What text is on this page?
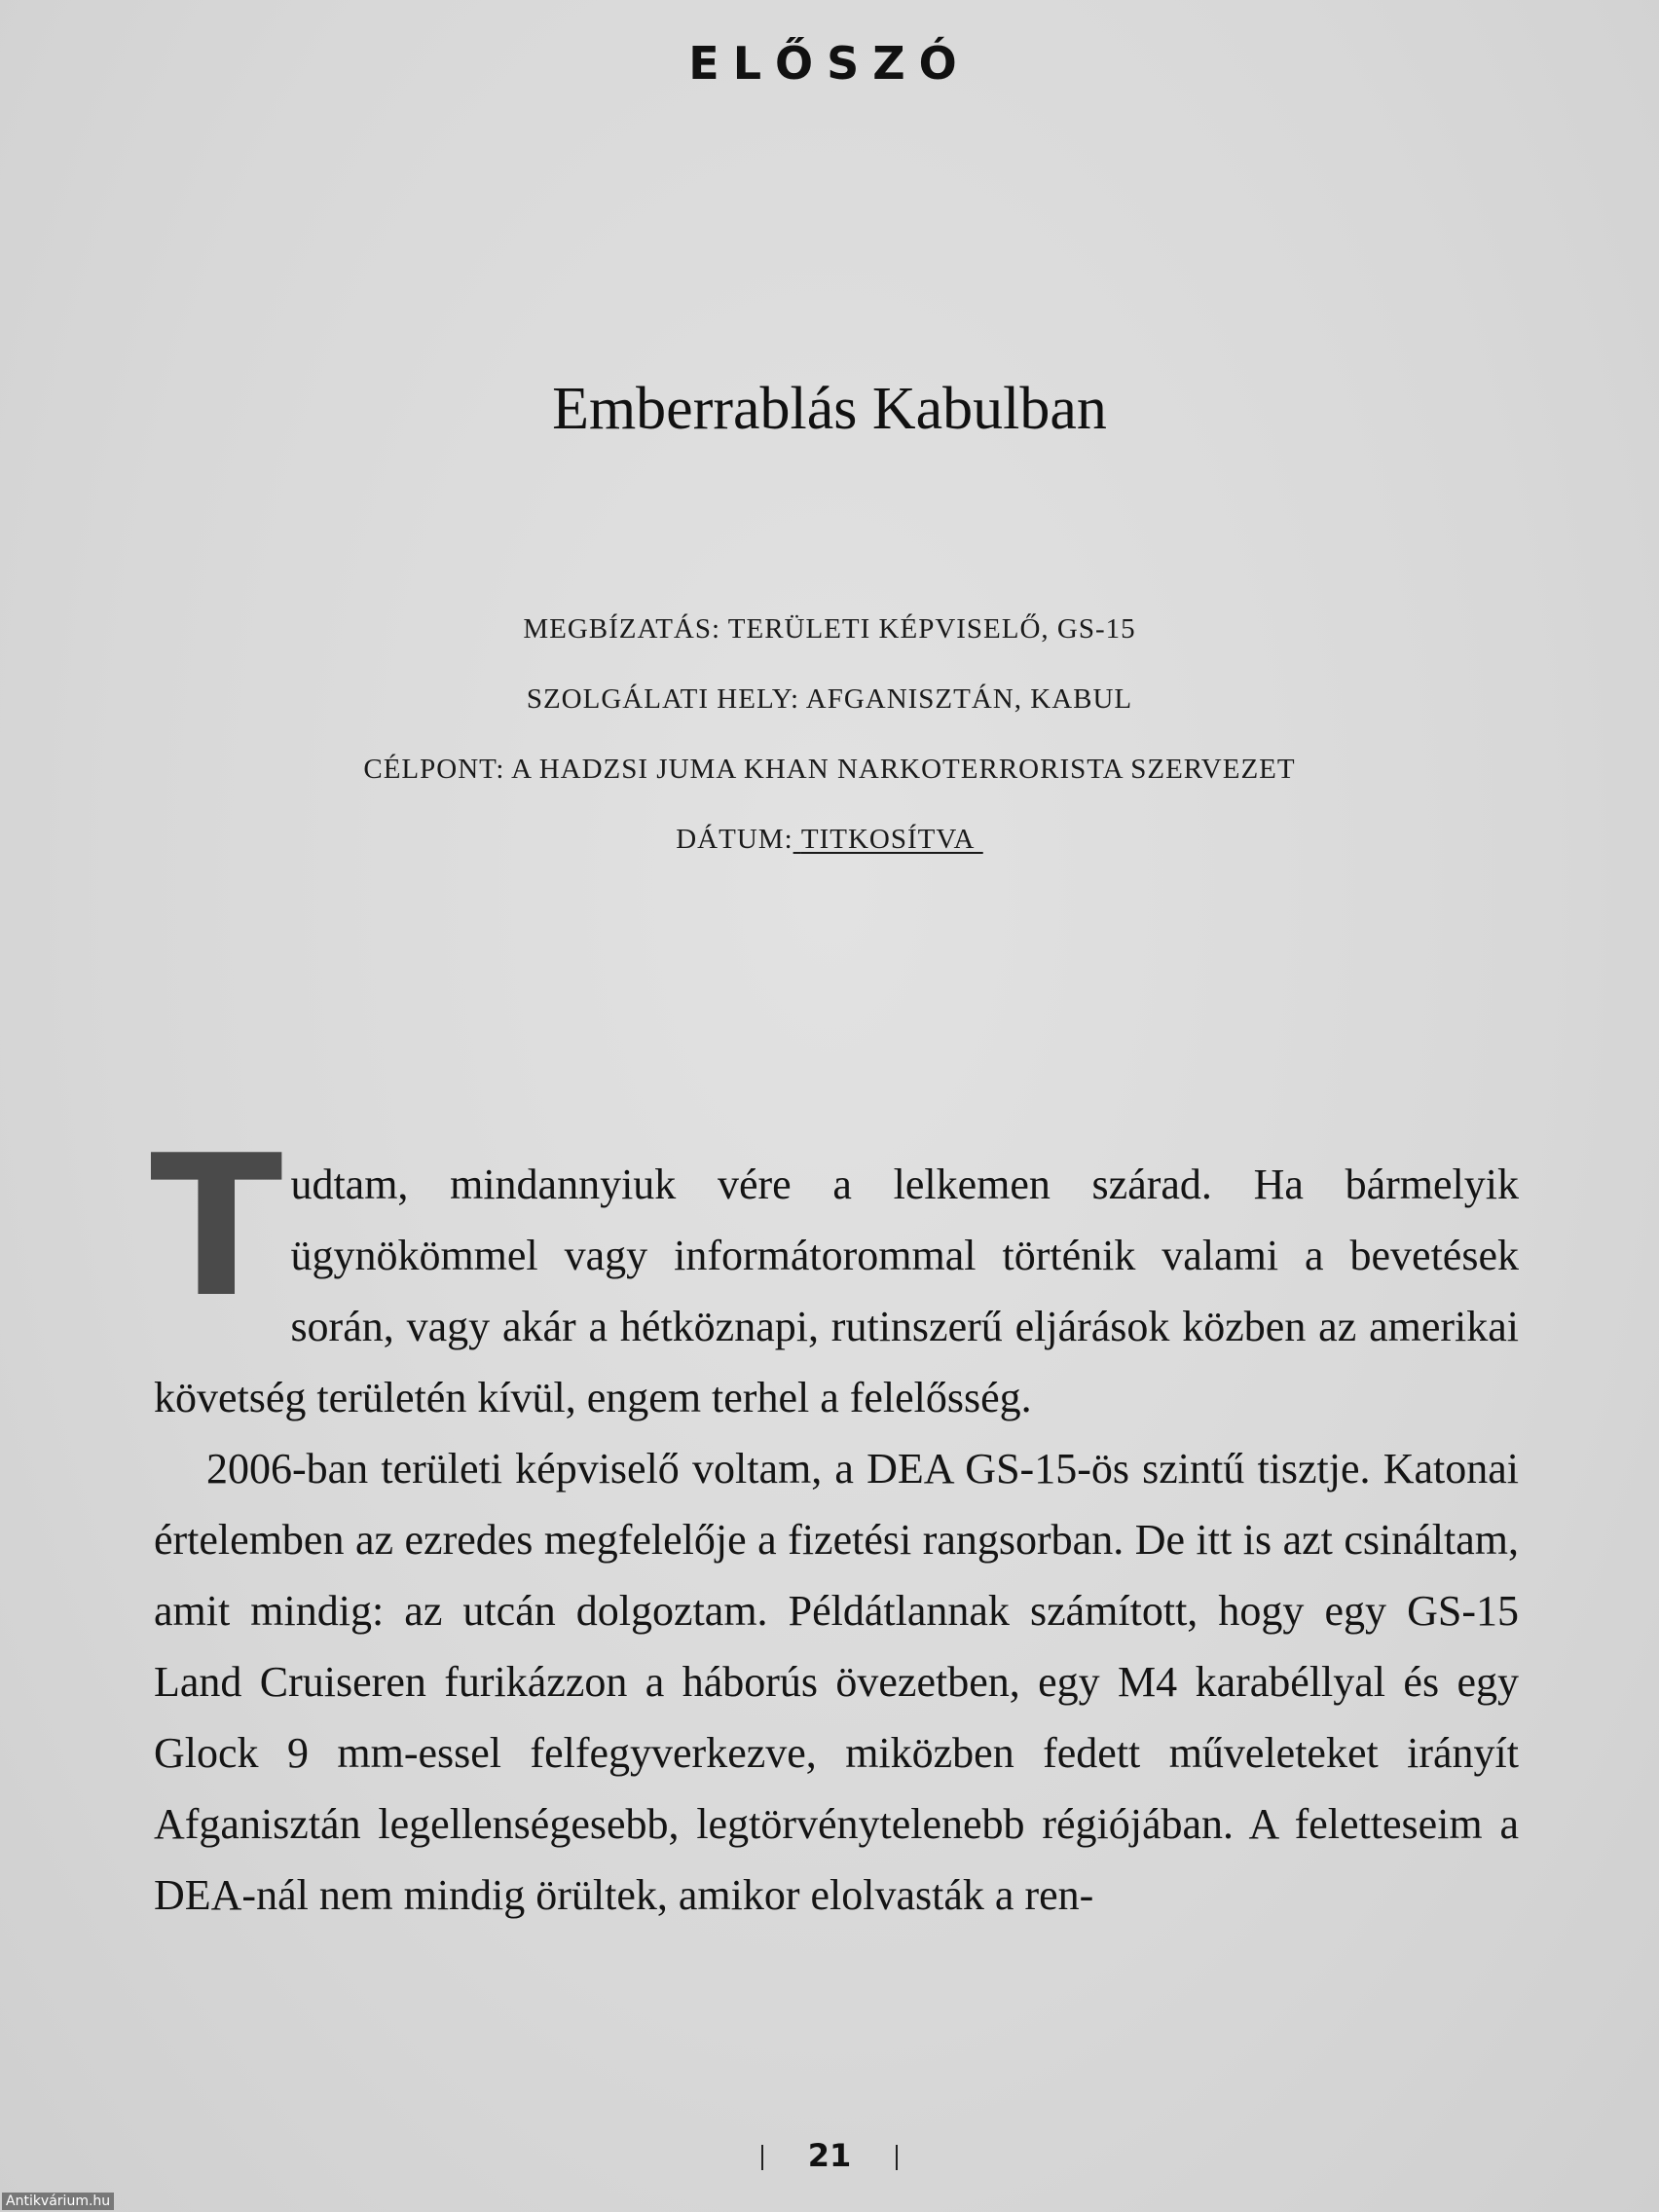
ELŐSZÓ
Emberrablás Kabulban
MEGBÍZATÁS: TERÜLETI KÉPVISELŐ, GS-15
SZOLGÁLATI HELY: AFGANISZTÁN, KABUL
CÉLPONT: A HADZSI JUMA KHAN NARKOTERRORISTA SZERVEZET
DÁTUM: TITKOSÍTVA

Tudtam, mindannyiuk vére a lelkemen szárad. Ha bármelyik ügynökömmel vagy informátorommal történik valami a bevetések során, vagy akár a hétköznapi, rutinszerű eljárások közben az amerikai követség területén kívül, engem terhel a felelősség.

2006-ban területi képviselő voltam, a DEA GS-15-ös szintű tisztje. Katonai értelemben az ezredes megfelelője a fizetési rangsorban. De itt is azt csináltam, amit mindig: az utcán dolgoztam. Példátlannak számított, hogy egy GS-15 Land Cruiseren furikázzon a háborús övezetben, egy M4 karabéllyal és egy Glock 9 mm-essel felfegyverkezve, miközben fedett műveleteket irányít Afganisztán legellenségesebb, legtörvénytelenebb régiójában. A feletteseim a DEA-nál nem mindig örültek, amikor elolvasták a ren-

21
Antikvárium.hu
